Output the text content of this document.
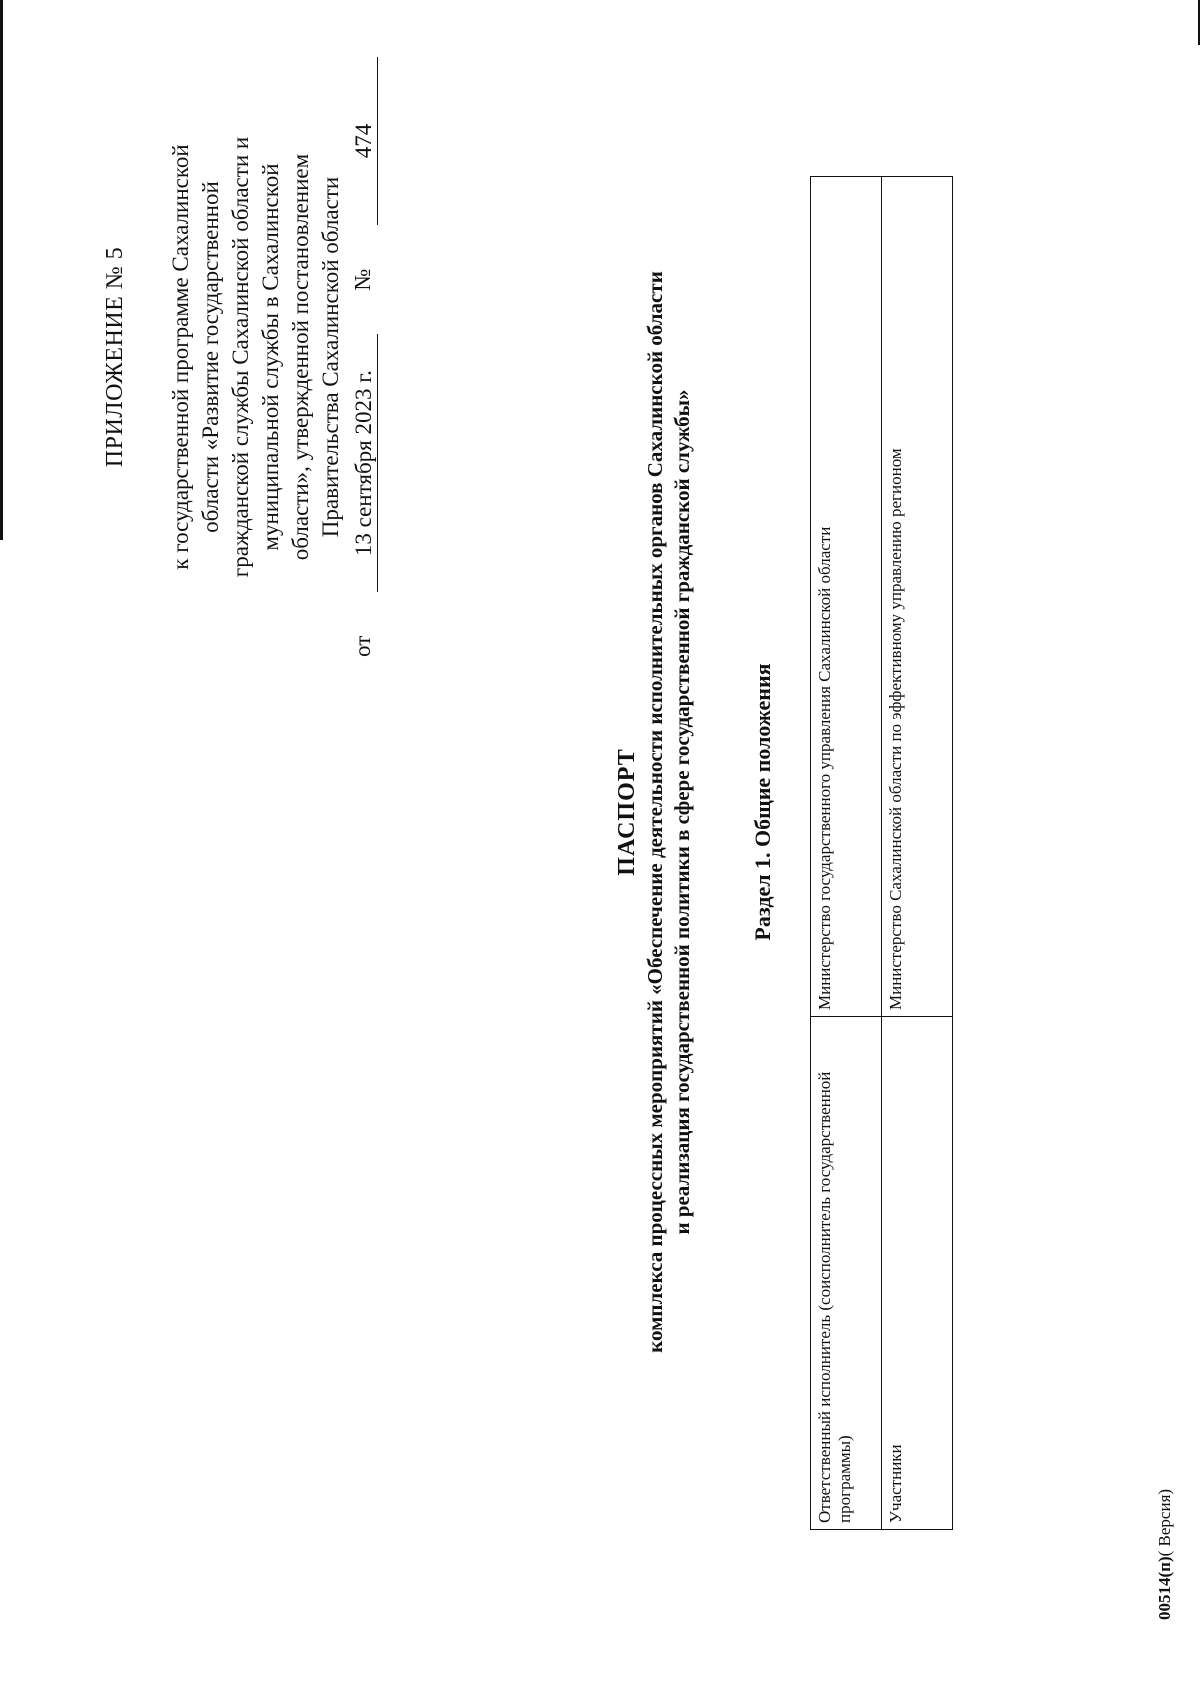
ПРИЛОЖЕНИЕ № 5 к государственной программе Сахалинской области «Развитие государственной гражданской службы Сахалинской области и муниципальной службы в Сахалинской области», утвержденной постановлением Правительства Сахалинской области
от
13 сентября 2023 г.
№
474
ПАСПОРТ комплекса процессных мероприятий «Обеспечение деятельности исполнительных органов Сахалинской области и реализация государственной политики в сфере государственной гражданской службы»	Раздел 1. Общие положения
Ответственный исполнитель (соисполнитель государственной программы)	Министерство государственного управления Сахалинской области
Участники	Министерство Сахалинской области по эффективному управлению регионом
00514(п)( Версия)
